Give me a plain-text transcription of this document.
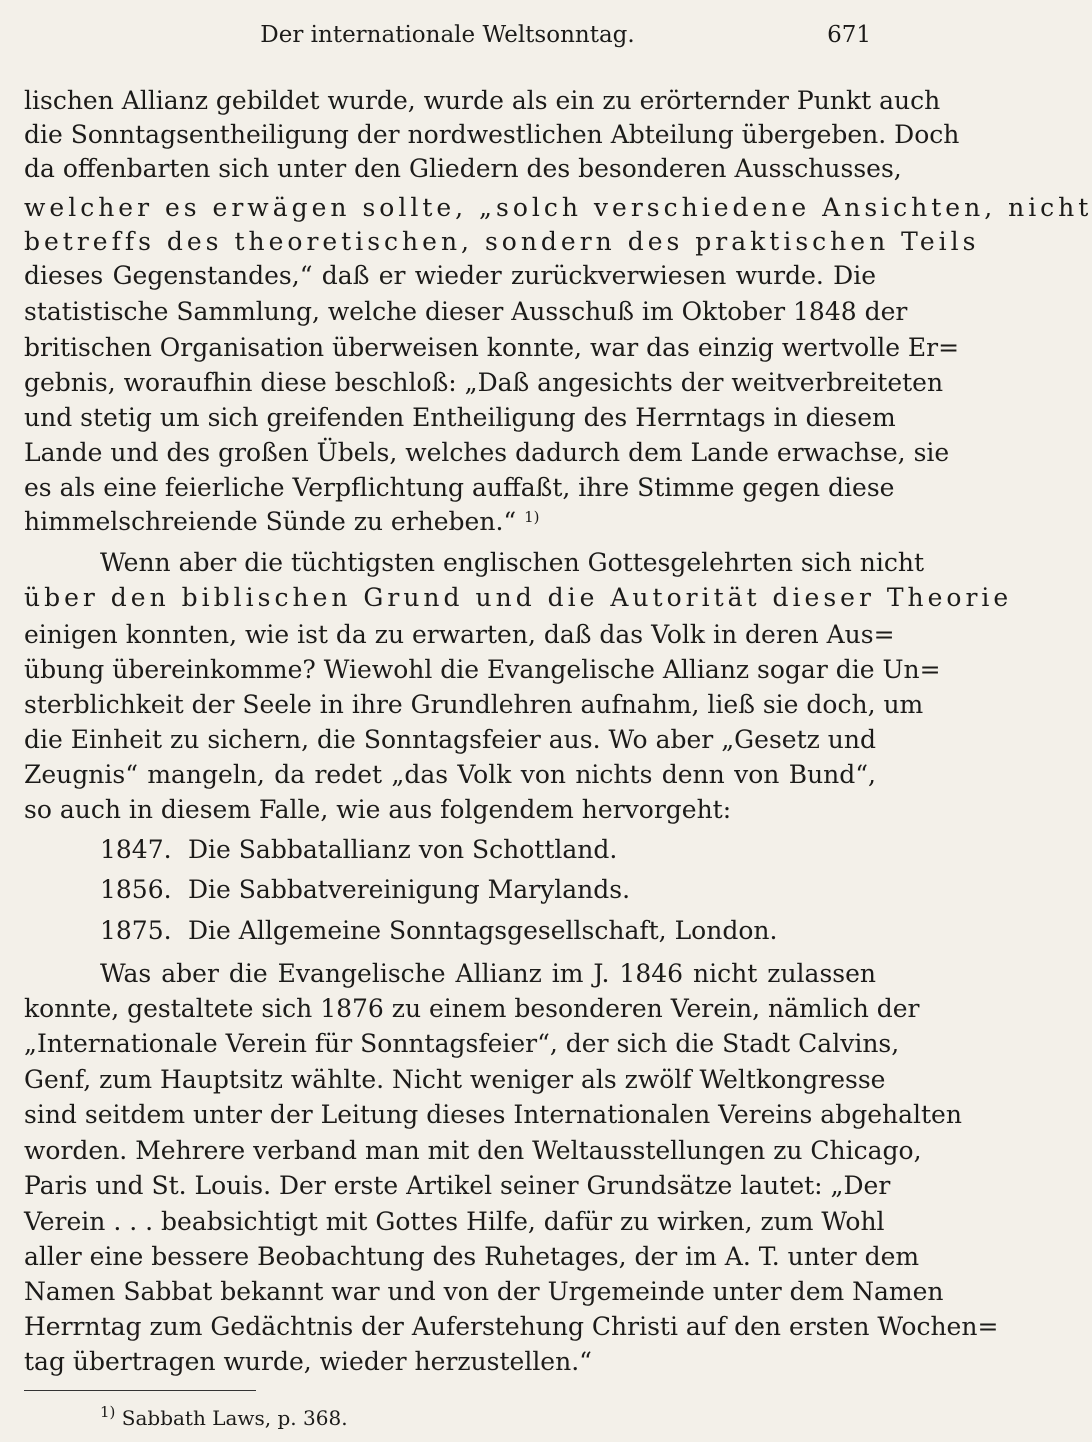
Der internationale Weltsonntag.	671
lischen Allianz gebildet wurde, wurde als ein zu erörternder Punkt auch
die Sonntagsentheiligung der nordwestlichen Abteilung übergeben. Doch
da offenbarten sich unter den Gliedern des besonderen Ausschusses,
welcher es erwägen sollte, „solch verschiedene Ansichten, nicht
betreffs des theoretischen, sondern des praktischen Teils
dieses Gegenstandes,“ daß er wieder zurückverwiesen wurde. Die
statistische Sammlung, welche dieser Ausschuß im Oktober 1848 der
britischen Organisation überweisen konnte, war das einzig wertvolle Er=
gebnis, woraufhin diese beschloß: „Daß angesichts der weitverbreiteten
und stetig um sich greifenden Entheiligung des Herrntags in diesem
Lande und des großen Übels, welches dadurch dem Lande erwachse, sie
es als eine feierliche Verpflichtung auffaßt, ihre Stimme gegen diese
himmelschreiende Sünde zu erheben.“ $^{1)}$
Wenn aber die tüchtigsten englischen Gottesgelehrten sich nicht
über den biblischen Grund und die Autorität dieser Theorie
einigen konnten, wie ist da zu erwarten, daß das Volk in deren Aus=
übung übereinkomme? Wiewohl die Evangelische Allianz sogar die Un=
sterblichkeit der Seele in ihre Grundlehren aufnahm, ließ sie doch, um
die Einheit zu sichern, die Sonntagsfeier aus. Wo aber „Gesetz und
Zeugnis“ mangeln, da redet „das Volk von nichts denn von Bund“,
so auch in diesem Falle, wie aus folgendem hervorgeht:
1847. Die Sabbatallianz von Schottland.
1856. Die Sabbatvereinigung Marylands.
1875. Die Allgemeine Sonntagsgesellschaft, London.
Was aber die Evangelische Allianz im J. 1846 nicht zulassen
konnte, gestaltete sich 1876 zu einem besonderen Verein, nämlich der
„Internationale Verein für Sonntagsfeier“, der sich die Stadt Calvins,
Genf, zum Hauptsitz wählte. Nicht weniger als zwölf Weltkongresse
sind seitdem unter der Leitung dieses Internationalen Vereins abgehalten
worden. Mehrere verband man mit den Weltausstellungen zu Chicago,
Paris und St. Louis. Der erste Artikel seiner Grundsätze lautet: „Der
Verein . . . beabsichtigt mit Gottes Hilfe, dafür zu wirken, zum Wohl
aller eine bessere Beobachtung des Ruhetages, der im A. T. unter dem
Namen Sabbat bekannt war und von der Urgemeinde unter dem Namen
Herrntag zum Gedächtnis der Auferstehung Christi auf den ersten Wochen=
tag übertragen wurde, wieder herzustellen.“
$^{1)}$ Sabbath Laws, p. 368.
